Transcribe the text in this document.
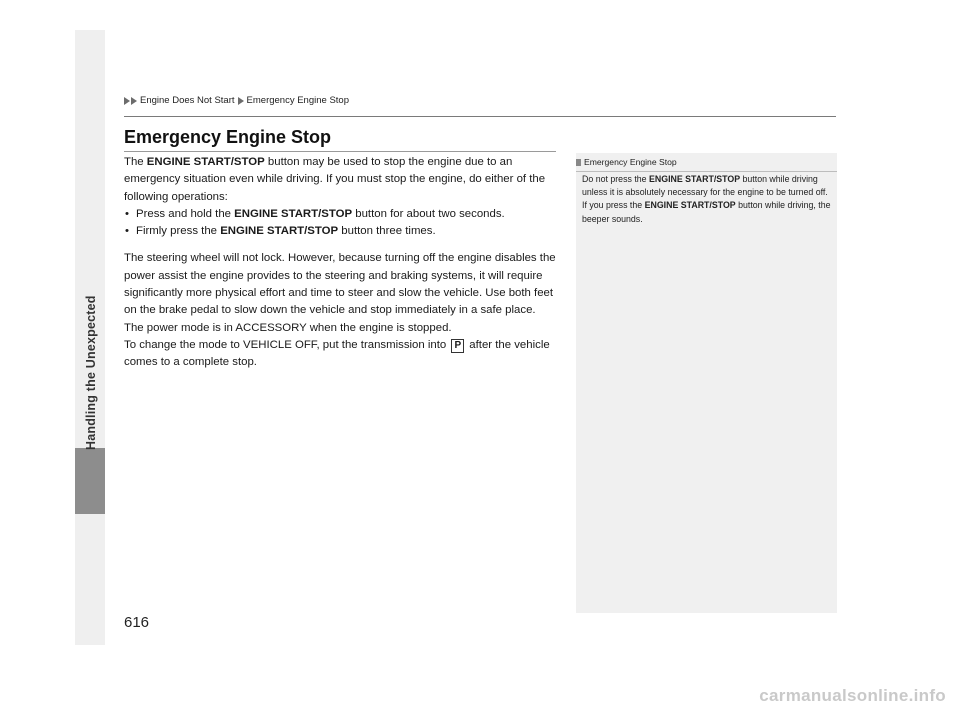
Handling the Unexpected
Engine Does Not Start Emergency Engine Stop
Emergency Engine Stop

The ENGINE START/STOP button may be used to stop the engine due to an emergency situation even while driving. If you must stop the engine, do either of the following operations:

• Press and hold the ENGINE START/STOP button for about two seconds.
• Firmly press the ENGINE START/STOP button three times.

The steering wheel will not lock. However, because turning off the engine disables the power assist the engine provides to the steering and braking systems, it will require significantly more physical effort and time to steer and slow the vehicle. Use both feet on the brake pedal to slow down the vehicle and stop immediately in a safe place.

The power mode is in ACCESSORY when the engine is stopped.

To change the mode to VEHICLE OFF, put the transmission into P after the vehicle comes to a complete stop.

Emergency Engine Stop

Do not press the ENGINE START/STOP button while driving unless it is absolutely necessary for the engine to be turned off.

If you press the ENGINE START/STOP button while driving, the beeper sounds.

616
carmanualsonline.info
